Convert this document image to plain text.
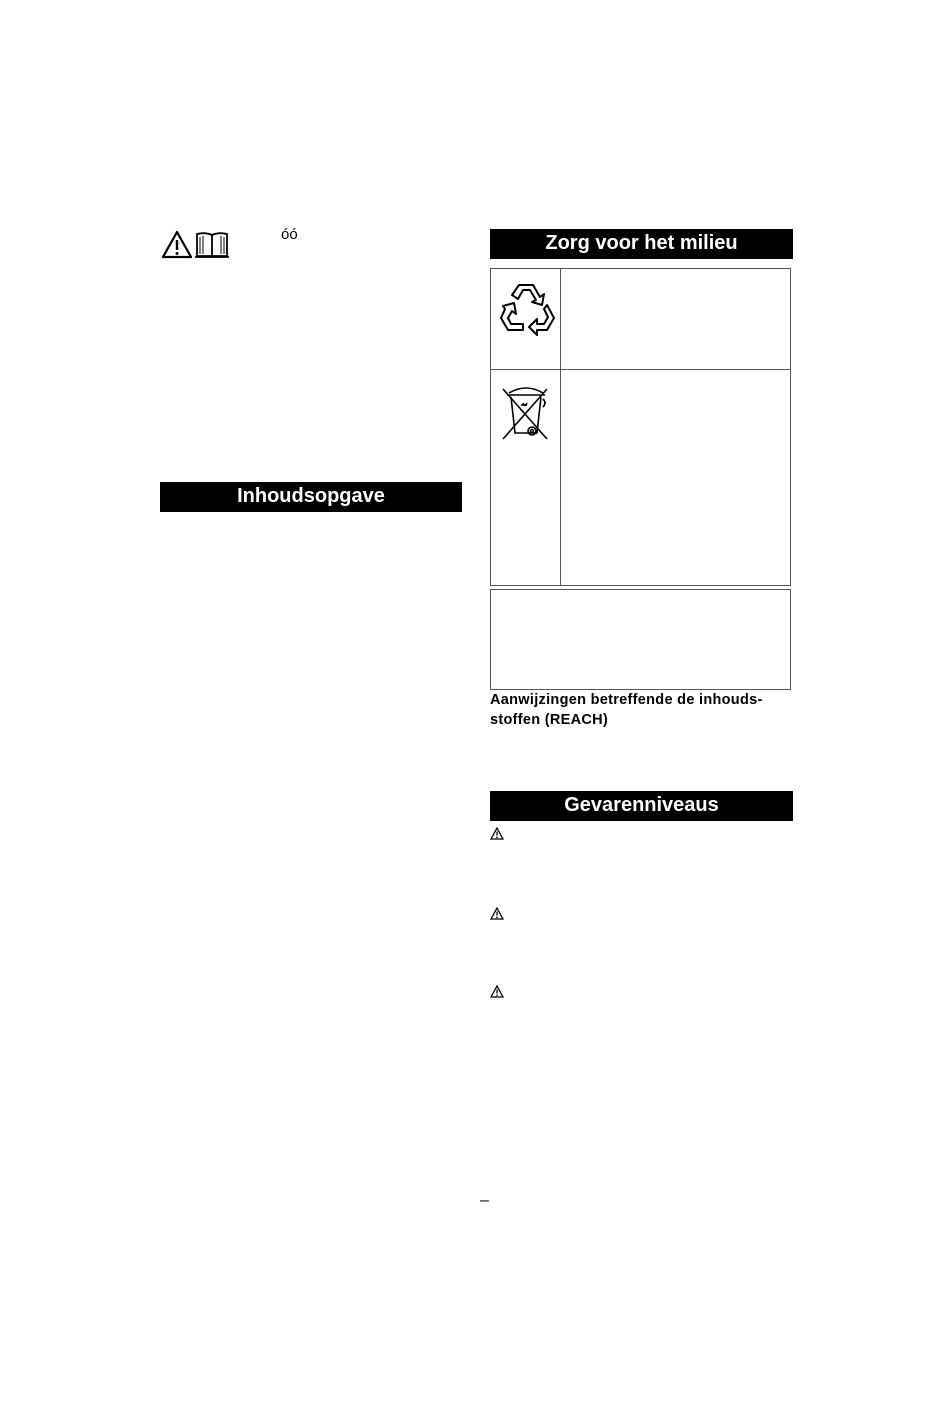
óó
Inhoudsopgave
Zorg voor het milieu
Aanwijzingen betreffende de inhouds-
stoffen (REACH)
Gevarenniveaus
–
